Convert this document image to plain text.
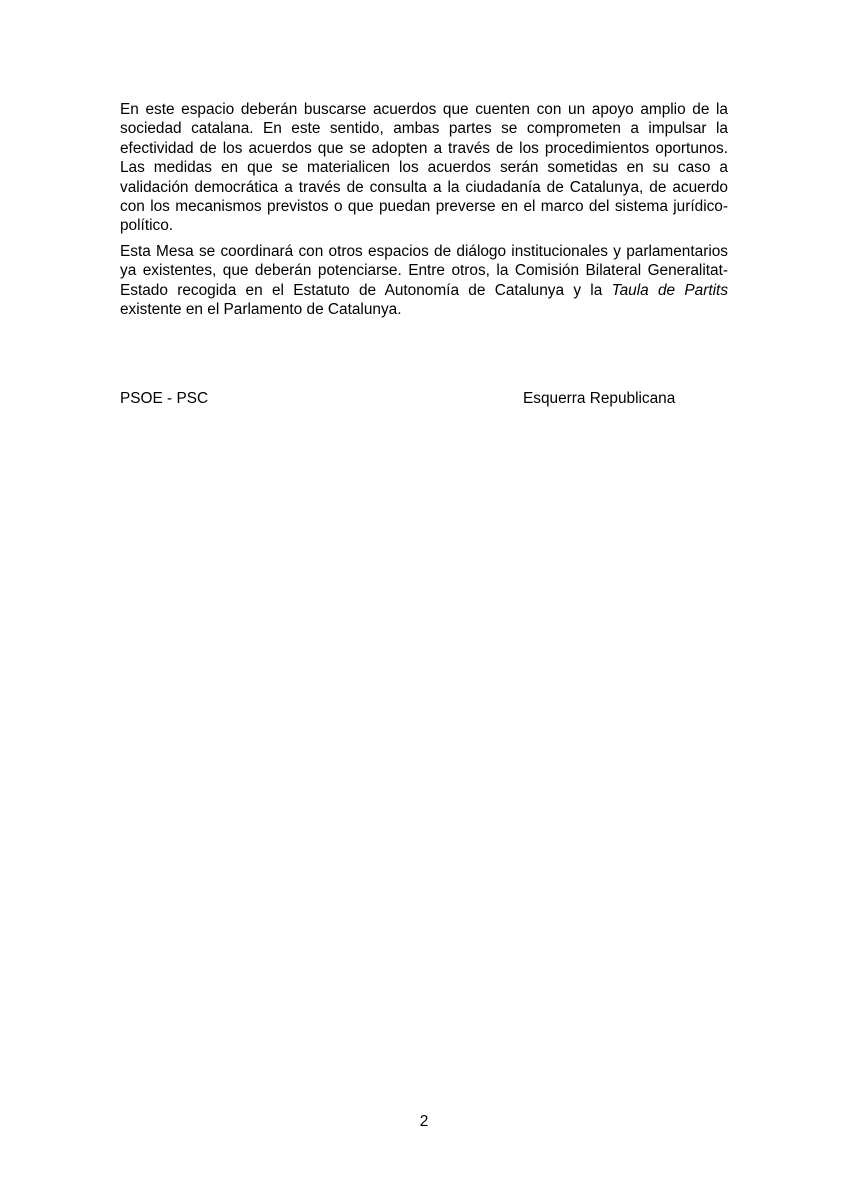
En este espacio deberán buscarse acuerdos que cuenten con un apoyo amplio de la sociedad catalana. En este sentido, ambas partes se comprometen a impulsar la efectividad de los acuerdos que se adopten a través de los procedimientos oportunos. Las medidas en que se materialicen los acuerdos serán sometidas en su caso a validación democrática a través de consulta a la ciudadanía de Catalunya, de acuerdo con los mecanismos previstos o que puedan preverse en el marco del sistema jurídico-político.

Esta Mesa se coordinará con otros espacios de diálogo institucionales y parlamentarios ya existentes, que deberán potenciarse. Entre otros, la Comisión Bilateral Generalitat-Estado recogida en el Estatuto de Autonomía de Catalunya y la Taula de Partits existente en el Parlamento de Catalunya.

PSOE - PSC	Esquerra Republicana

2
